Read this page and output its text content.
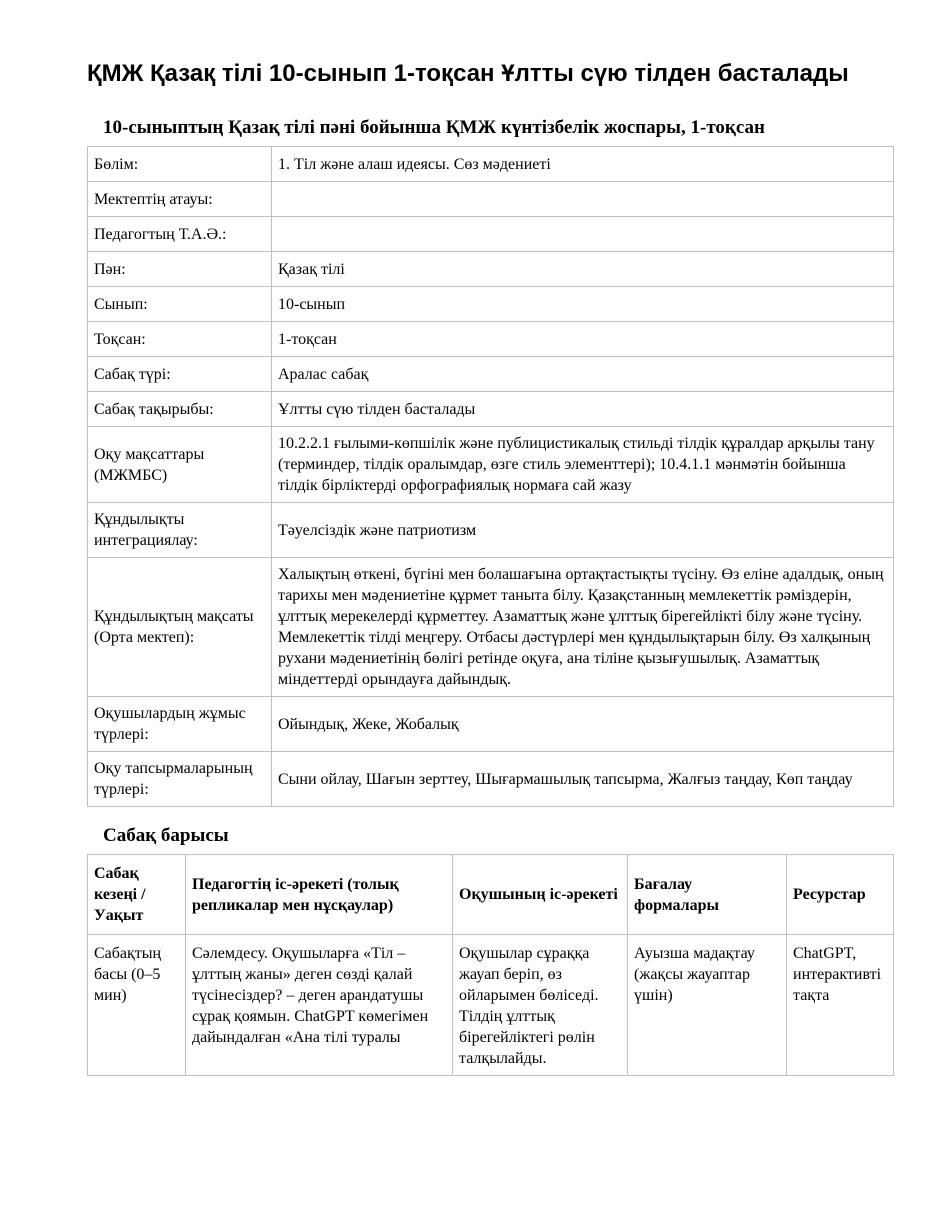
ҚМЖ Қазақ тілі 10-сынып 1-тоқсан Ұлтты сүю тілден басталады
10-сыныптың Қазақ тілі пәні бойынша ҚМЖ күнтізбелік жоспары, 1-тоқсан
Бөлім:	1. Тіл және алаш идеясы. Сөз мәдениеті
Мектептің атауы:	
Педагогтың Т.А.Ә.:	
Пән:	Қазақ тілі
Сынып:	10-сынып
Тоқсан:	1-тоқсан
Сабақ түрі:	Аралас сабақ
Сабақ тақырыбы:	Ұлтты сүю тілден басталады
Оқу мақсаттары (МЖМБС)	10.2.2.1 ғылыми-көпшілік және публицистикалық стильді тілдік құралдар арқылы тану (терминдер, тілдік оралымдар, өзге стиль элементтері); 10.4.1.1 мәнмәтін бойынша тілдік бірліктерді орфографиялық нормаға сай жазу
Құндылықты интеграциялау:	Тәуелсіздік және патриотизм
Құндылықтың мақсаты (Орта мектеп):	Халықтың өткені, бүгіні мен болашағына ортақтастықты түсіну. Өз еліне адалдық, оның тарихы мен мәдениетіне құрмет таныта білу. Қазақстанның мемлекеттік рәміздерін, ұлттық мерекелерді құрметтеу. Азаматтық және ұлттық бірегейлікті білу және түсіну. Мемлекеттік тілді меңгеру. Отбасы дәстүрлері мен құндылықтарын білу. Өз халқының рухани мәдениетінің бөлігі ретінде оқуға, ана тіліне қызығушылық. Азаматтық міндеттерді орындауға дайындық.
Оқушылардың жұмыс түрлері:	Ойындық, Жеке, Жобалық
Оқу тапсырмаларының түрлері:	Сыни ойлау, Шағын зерттеу, Шығармашылық тапсырма, Жалғыз таңдау, Көп таңдау
Сабақ барысы
Сабақ кезеңі / Уақыт	Педагогтің іс-әрекеті (толық репликалар мен нұсқаулар)	Оқушының іс-әрекеті	Бағалау формалары	Ресурстар
Сабақтың басы (0–5 мин)	Сәлемдесу. Оқушыларға «Тіл – ұлттың жаны» деген сөзді қалай түсінесіздер? – деген арандатушы сұрақ қоямын. ChatGPT көмегімен дайындалған «Ана тілі туралы	Оқушылар сұраққа жауап беріп, өз ойларымен бөліседі. Тілдің ұлттық бірегейліктегі рөлін талқылайды.	Ауызша мадақтау (жақсы жауаптар үшін)	ChatGPT, интерактивті тақта
